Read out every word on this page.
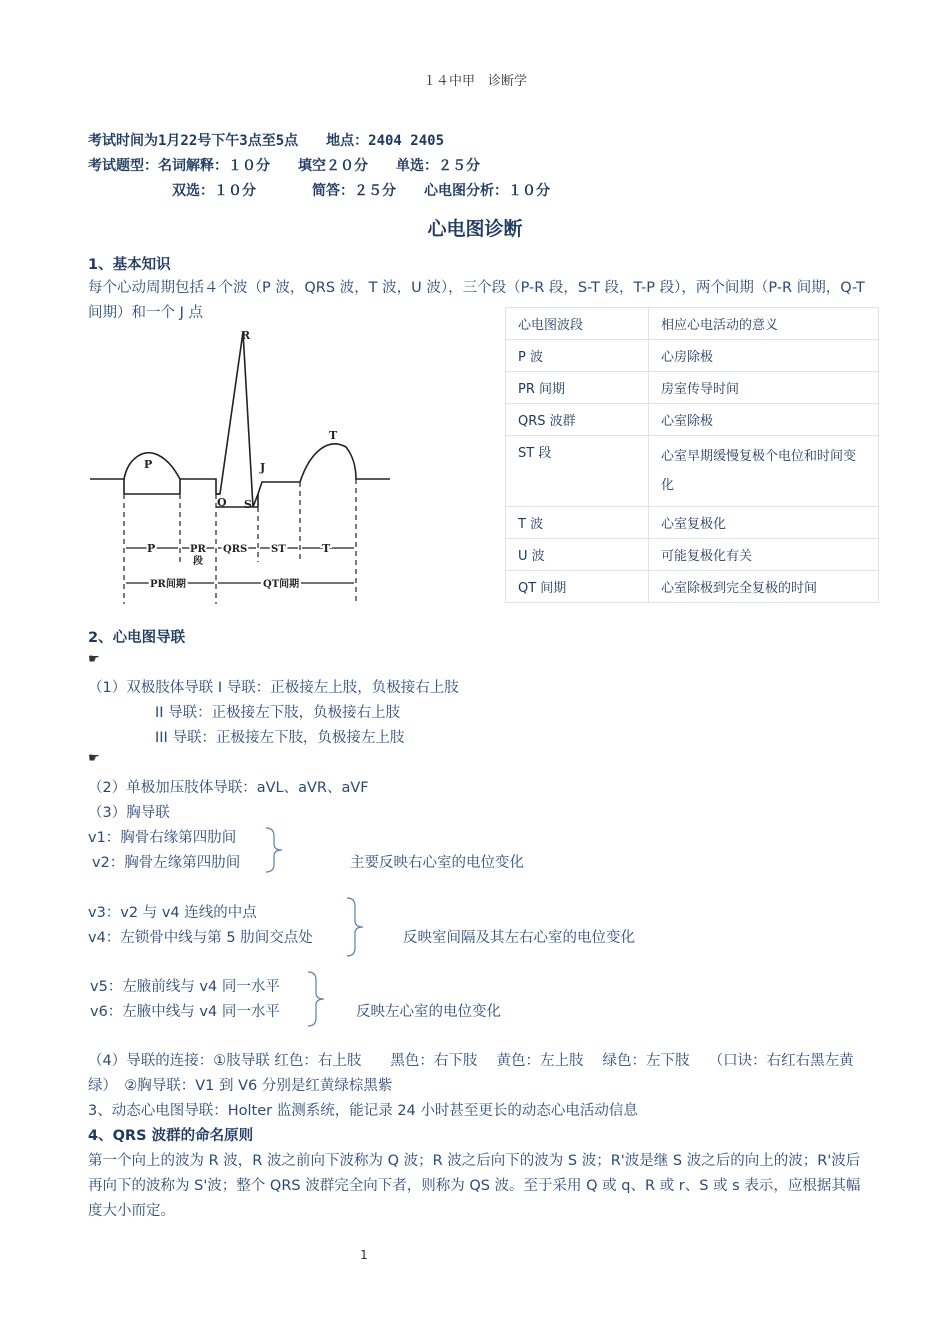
１４中甲　诊断学
考试时间为1月22号下午3点至5点　　地点：2404 2405
考试题型：名词解释：１０分　　填空２０分　　单选：２５分
双选：１０分　　　　简答：２５分　　心电图分析：１０分
心电图诊断
1、基本知识
每个心动周期包括４个波（P 波，QRS 波，T 波，U 波），三个段（P-R 段，S-T 段，T-P 段），两个间期（P-R 间期，Q-T 间期）和一个 J 点
R
P
T
J
Q S
P	PR
段
QRS ST	T
PR间期	QT间期
心电图波段	相应心电活动的意义
P 波	心房除极
PR 间期	房室传导时间
QRS 波群	心室除极
ST 段	心室早期缓慢复极个电位和时间变化
T 波	心室复极化
U 波	可能复极化有关
QT 间期	心室除极到完全复极的时间
2、心电图导联
☛
（1）双极肢体导联 I 导联：正极接左上肢，负极接右上肢
II 导联：正极接左下肢，负极接右上肢
III 导联：正极接左下肢，负极接左上肢
☛
（2）单极加压肢体导联：aVL、aVR、aVF
（3）胸导联
v1：胸骨右缘第四肋间
v2：胸骨左缘第四肋间	主要反映右心室的电位变化
v3：v2 与 v4 连线的中点
v4：左锁骨中线与第 5 肋间交点处	反映室间隔及其左右心室的电位变化
v5：左腋前线与 v4 同一水平
v6：左腋中线与 v4 同一水平	反映左心室的电位变化
（4）导联的连接：①肢导联 红色：右上肢　　黑色：右下肢　 黄色：左上肢　 绿色：左下肢　 （口诀：右红右黑左黄绿）　②胸导联：V1 到 V6 分别是红黄绿棕黑紫
3、动态心电图导联：Holter 监测系统，能记录 24 小时甚至更长的动态心电活动信息
4、QRS 波群的命名原则
第一个向上的波为 R 波，R 波之前向下波称为 Q 波；R 波之后向下的波为 S 波；R'波是继 S 波之后的向上的波；R'波后再向下的波称为 S'波；整个 QRS 波群完全向下者，则称为 QS 波。至于采用 Q 或 q、R 或 r、S 或 s 表示，应根据其幅度大小而定。
1
